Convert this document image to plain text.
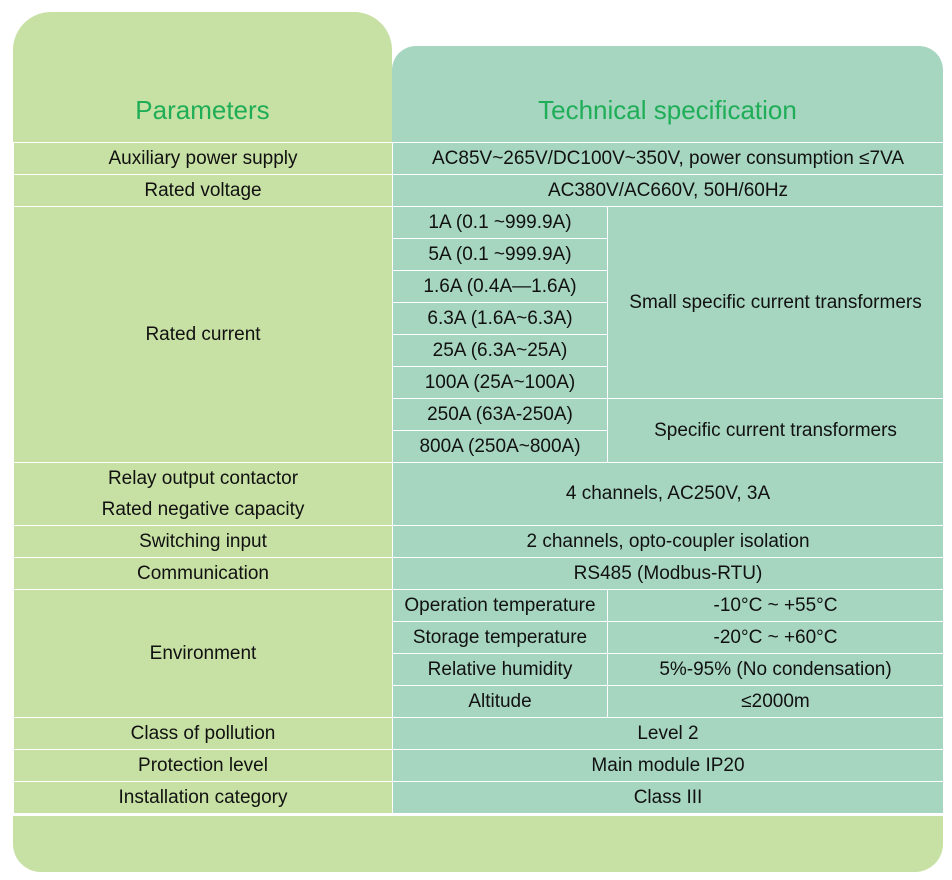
Parameters	Technical specification
Auxiliary power supply	AC85V~265V/DC100V~350V, power consumption ≤7VA	
Rated voltage	AC380V/AC660V, 50H/60Hz	
Rated current	1A (0.1 ~999.9A)	Small specific current transformers
	5A (0.1 ~999.9A)	
	1.6A (0.4A—1.6A)	
	6.3A (1.6A~6.3A)	
	25A (6.3A~25A)	
	100A (25A~100A)	
	250A (63A-250A)	Specific current transformers
	800A (250A~800A)	

Relay output contactor
Rated negative capacity	4 channels, AC250V, 3A	
Switching input	2 channels, opto-coupler isolation	
Communication	RS485 (Modbus-RTU)	
Environment	Operation temperature	-10°C ~ +55°C
	Storage temperature	-20°C ~ +60°C
	Relative humidity	5%-95% (No condensation)
	Altitude	≤2000m
Class of pollution	Level 2	
Protection level	Main module IP20	
Installation category	Class III	
